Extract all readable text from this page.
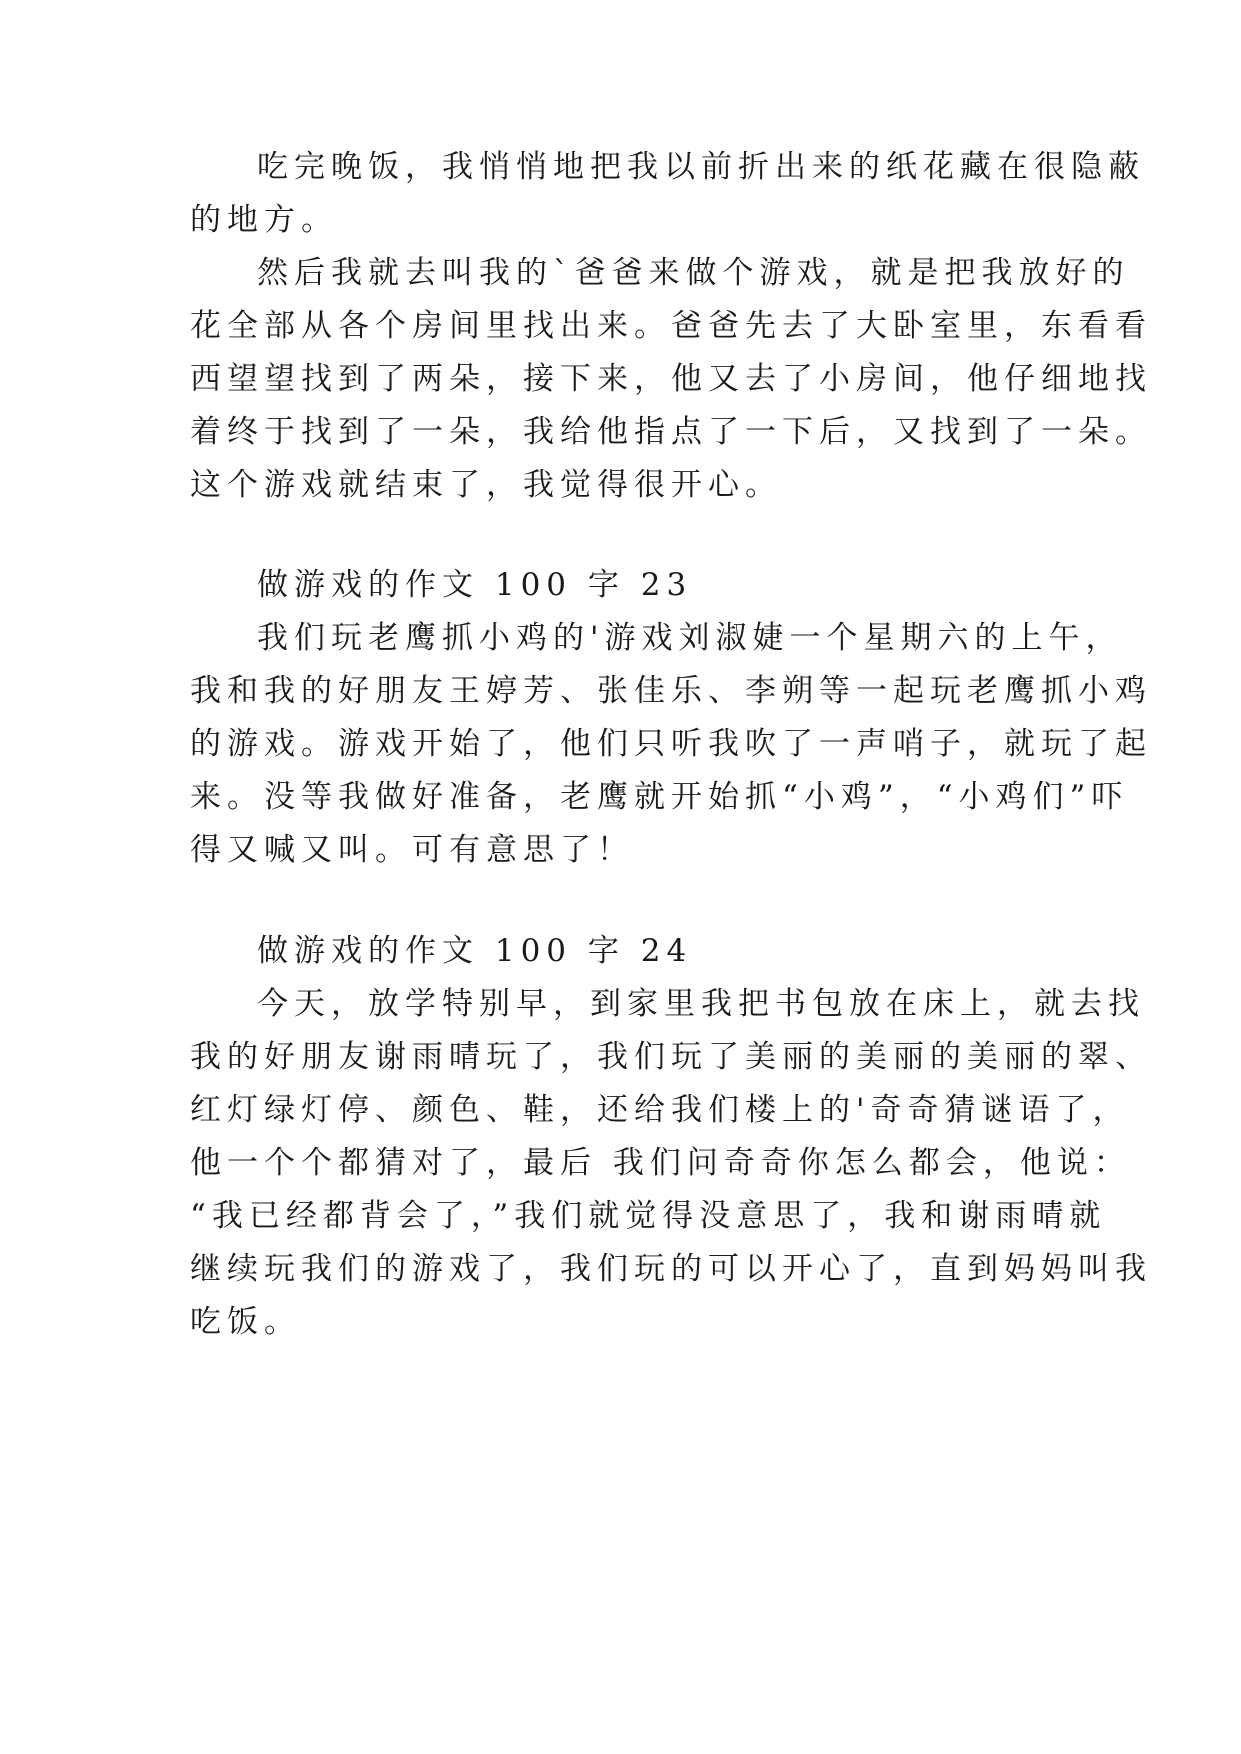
吃完晚饭，我悄悄地把我以前折出来的纸花藏在很隐蔽
的地方。
然后我就去叫我的`爸爸来做个游戏，就是把我放好的
花全部从各个房间里找出来。爸爸先去了大卧室里，东看看
西望望找到了两朵，接下来，他又去了小房间，他仔细地找
着终于找到了一朵，我给他指点了一下后，又找到了一朵。
这个游戏就结束了，我觉得很开心。
做游戏的作文 100 字 23
我们玩老鹰抓小鸡的'游戏刘淑婕一个星期六的上午，
我和我的好朋友王婷芳、张佳乐、李朔等一起玩老鹰抓小鸡
的游戏。游戏开始了，他们只听我吹了一声哨子，就玩了起
来。没等我做好准备，老鹰就开始抓“小鸡”，“小鸡们”吓
得又喊又叫。可有意思了！
做游戏的作文 100 字 24
今天，放学特别早，到家里我把书包放在床上，就去找
我的好朋友谢雨晴玩了，我们玩了美丽的美丽的美丽的翠、
红灯绿灯停、颜色、鞋，还给我们楼上的'奇奇猜谜语了，
他一个个都猜对了，最后 我们问奇奇你怎么都会，他说：
“我已经都背会了，”我们就觉得没意思了，我和谢雨晴就
继续玩我们的游戏了，我们玩的可以开心了，直到妈妈叫我
吃饭。
